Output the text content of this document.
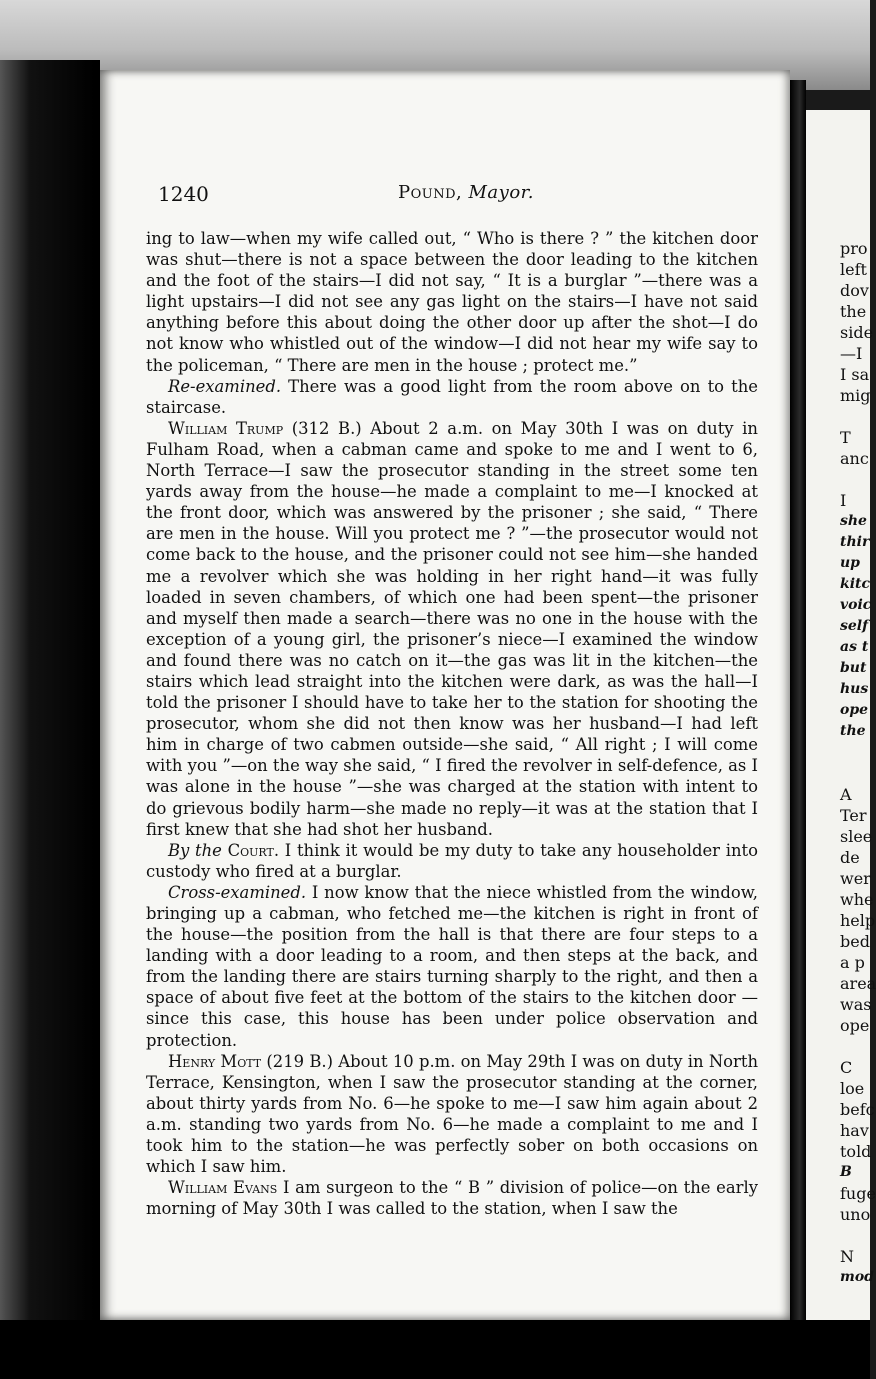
pro
left
dov
the
side
—I
I sa
mig

T
anc

I
she
thir
up
kitc
voic
self
as t
but
hus
ope
the

A
Ter
slee
de
wer
whe
help
bed
a p
area
was
ope

C
loe
befc
hav
told
B
fuge
uno

N
mod
1240	Pound, Mayor.

ing to law—when my wife called out, “ Who is there ? ” the kitchen door was shut—there is not a space between the door leading to the kitchen and the foot of the stairs—I did not say, “ It is a burglar ”—there was a light upstairs—I did not see any gas light on the stairs—I have not said anything before this about doing the other door up after the shot—I do not know who whistled out of the window—I did not hear my wife say to the policeman, “ There are men in the house ; protect me.”

Re-examined. There was a good light from the room above on to the staircase.

William Trump (312 B.) About 2 a.m. on May 30th I was on duty in Fulham Road, when a cabman came and spoke to me and I went to 6, North Terrace—I saw the prosecutor standing in the street some ten yards away from the house—he made a complaint to me—I knocked at the front door, which was answered by the prisoner ; she said, “ There are men in the house. Will you protect me ? ”—the prosecutor would not come back to the house, and the prisoner could not see him—she handed me a revolver which she was holding in her right hand—it was fully loaded in seven chambers, of which one had been spent—the prisoner and myself then made a search—there was no one in the house with the exception of a young girl, the prisoner’s niece—I examined the window and found there was no catch on it—the gas was lit in the kitchen—the stairs which lead straight into the kitchen were dark, as was the hall—I told the prisoner I should have to take her to the station for shooting the prosecutor, whom she did not then know was her husband—I had left him in charge of two cabmen outside—she said, “ All right ; I will come with you ”—on the way she said, “ I fired the revolver in self-defence, as I was alone in the house ”—she was charged at the station with intent to do grievous bodily harm—she made no reply—it was at the station that I first knew that she had shot her husband.

By the Court. I think it would be my duty to take any householder into custody who fired at a burglar.

Cross-examined. I now know that the niece whistled from the window, bringing up a cabman, who fetched me—the kitchen is right in front of the house—the position from the hall is that there are four steps to a landing with a door leading to a room, and then steps at the back, and from the landing there are stairs turning sharply to the right, and then a space of about five feet at the bottom of the stairs to the kitchen door —since this case, this house has been under police observation and protection.

Henry Mott (219 B.) About 10 p.m. on May 29th I was on duty in North Terrace, Kensington, when I saw the prosecutor standing at the corner, about thirty yards from No. 6—he spoke to me—I saw him again about 2 a.m. standing two yards from No. 6—he made a complaint to me and I took him to the station—he was perfectly sober on both occasions on which I saw him.

William Evans I am surgeon to the “ B ” division of police—on the early morning of May 30th I was called to the station, when I saw the
